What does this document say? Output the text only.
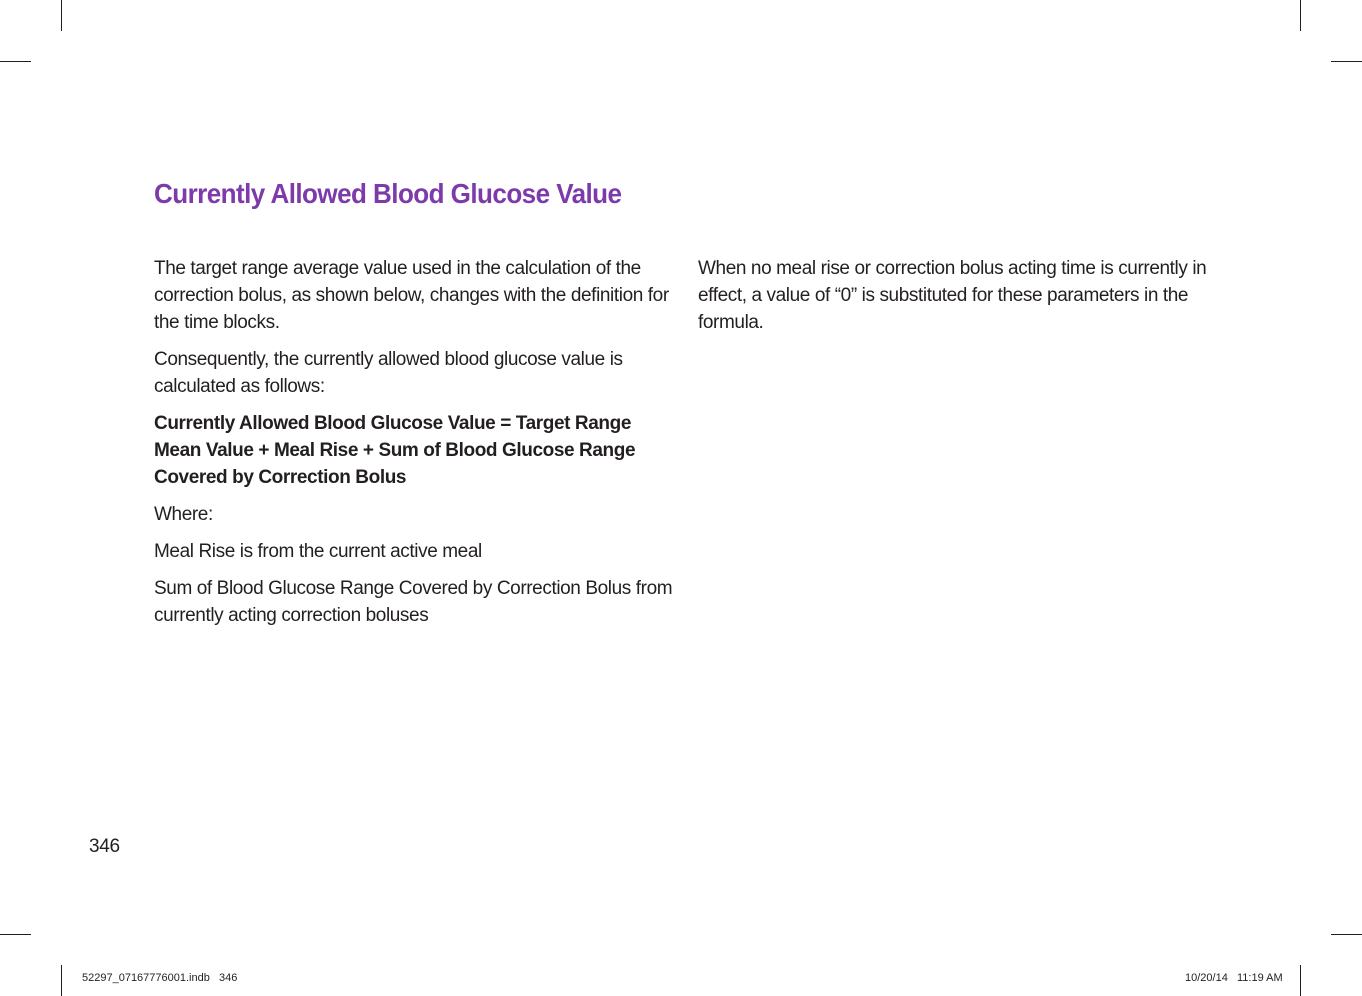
Currently Allowed Blood Glucose Value

The target range average value used in the calculation of the correction bolus, as shown below, changes with the definition for the time blocks.

Consequently, the currently allowed blood glucose value is calculated as follows:

Currently Allowed Blood Glucose Value = Target Range Mean Value + Meal Rise + Sum of Blood Glucose Range Covered by Correction Bolus

Where:

Meal Rise is from the current active meal

Sum of Blood Glucose Range Covered by Correction Bolus from currently acting correction boluses

When no meal rise or correction bolus acting time is currently in effect, a value of “0” is substituted for these parameters in the formula.

346
52297_07167776001.indb   346	10/20/14   11:19 AM
